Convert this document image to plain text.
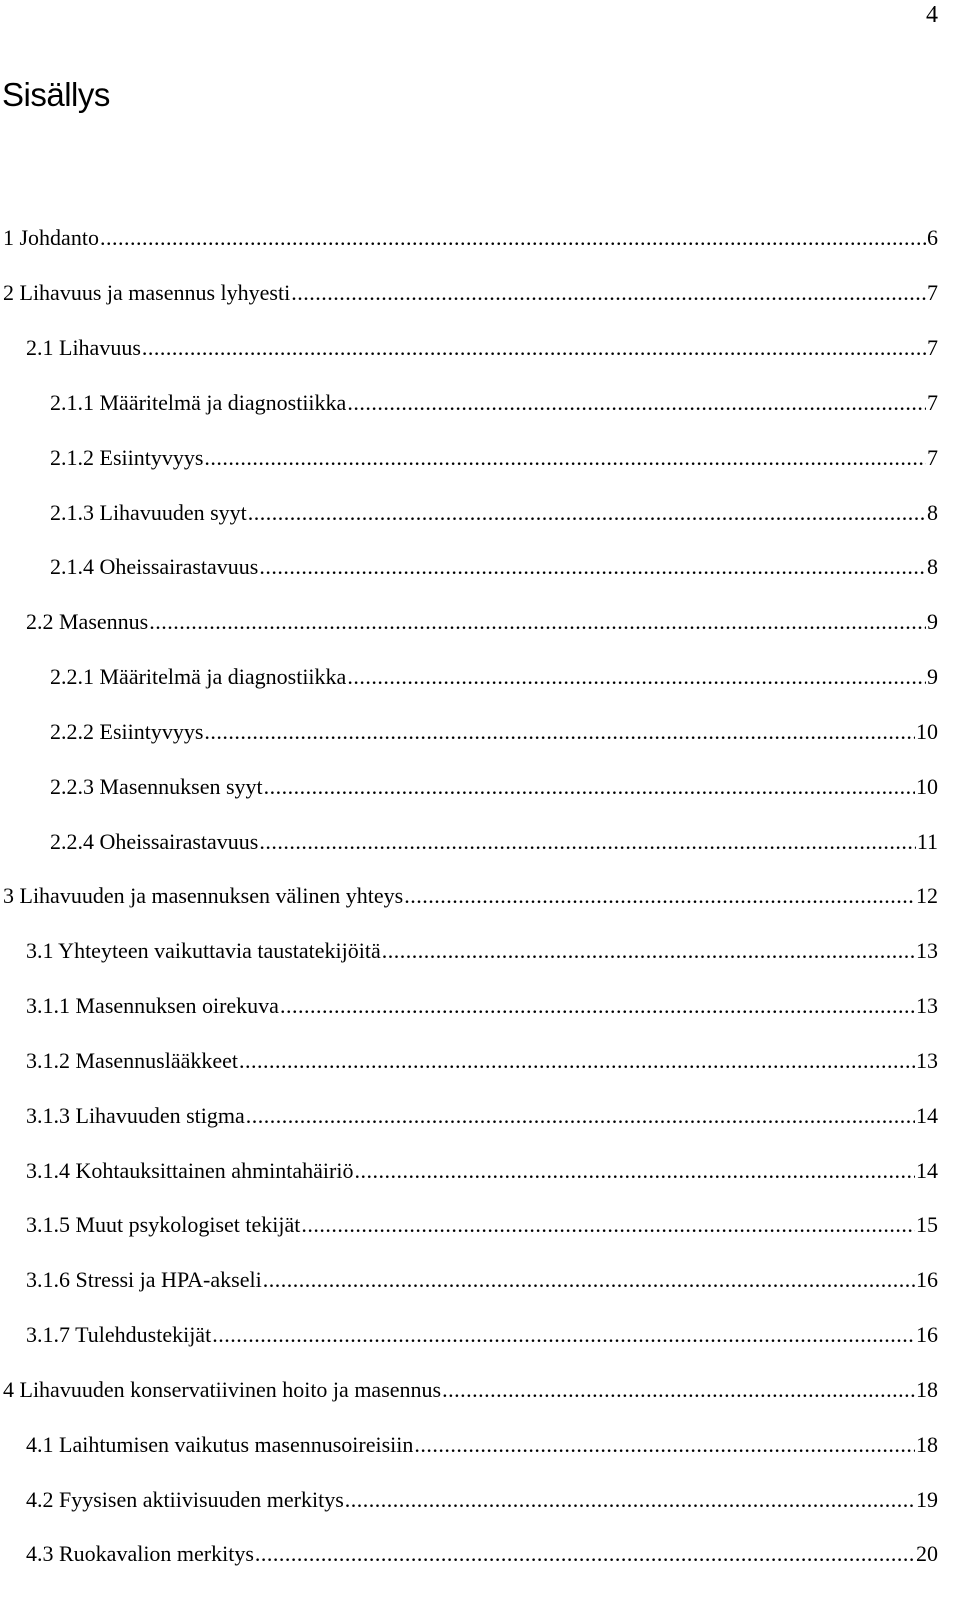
4
Sisällys
1 Johdanto .....	6
2 Lihavuus ja masennus lyhyesti .....	7
2.1 Lihavuus .....	7
2.1.1 Määritelmä ja diagnostiikka .....	7
2.1.2 Esiintyvyys .....	7
2.1.3 Lihavuuden syyt .....	8
2.1.4 Oheissairastavuus .....	8
2.2 Masennus .....	9
2.2.1 Määritelmä ja diagnostiikka .....	9
2.2.2 Esiintyvyys .....	10
2.2.3 Masennuksen syyt .....	10
2.2.4 Oheissairastavuus .....	11
3 Lihavuuden ja masennuksen välinen yhteys .....	12
3.1 Yhteyteen vaikuttavia taustatekijöitä .....	13
3.1.1 Masennuksen oirekuva .....	13
3.1.2 Masennuslääkkeet .....	13
3.1.3 Lihavuuden stigma .....	14
3.1.4 Kohtauksittainen ahmintahäiriö .....	14
3.1.5 Muut psykologiset tekijät .....	15
3.1.6 Stressi ja HPA-akseli .....	16
3.1.7 Tulehdustekijät .....	16
4 Lihavuuden konservatiivinen hoito ja masennus .....	18
4.1 Laihtumisen vaikutus masennusoireisiin .....	18
4.2 Fyysisen aktiivisuuden merkitys .....	19
4.3 Ruokavalion merkitys .....	20
